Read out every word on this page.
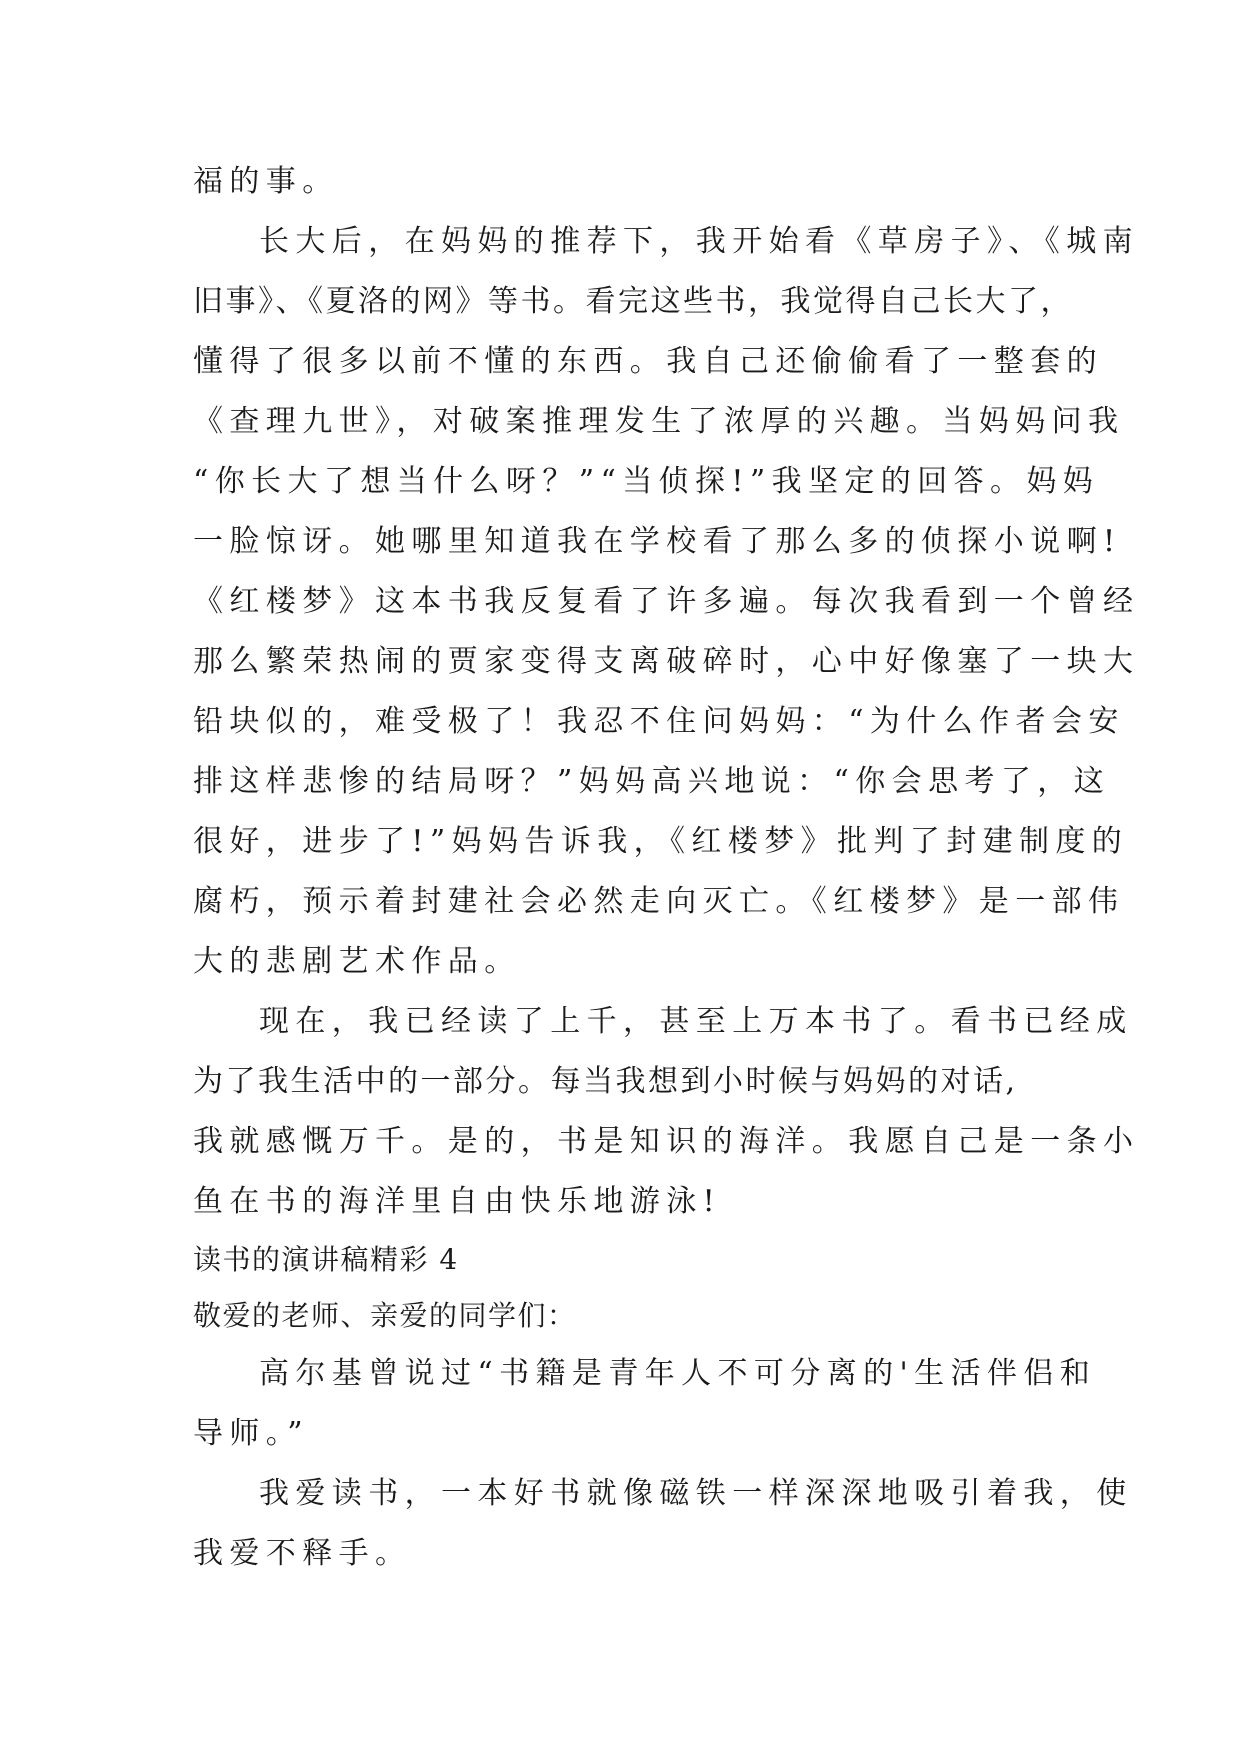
福的事。
长大后，在妈妈的推荐下，我开始看《草房子》、《城南
旧事》、《夏洛的网》等书。看完这些书，我觉得自己长大了，
懂得了很多以前不懂的东西。我自己还偷偷看了一整套的
《查理九世》，对破案推理发生了浓厚的兴趣。当妈妈问我
“你长大了想当什么呀？”“当侦探!”我坚定的回答。妈妈
一脸惊讶。她哪里知道我在学校看了那么多的侦探小说啊!
《红楼梦》这本书我反复看了许多遍。每次我看到一个曾经
那么繁荣热闹的贾家变得支离破碎时，心中好像塞了一块大
铅块似的，难受极了！我忍不住问妈妈：“为什么作者会安
排这样悲惨的结局呀？”妈妈高兴地说：“你会思考了，这
很好，进步了!”妈妈告诉我，《红楼梦》批判了封建制度的
腐朽，预示着封建社会必然走向灭亡。《红楼梦》是一部伟
大的悲剧艺术作品。
现在，我已经读了上千，甚至上万本书了。看书已经成
为了我生活中的一部分。每当我想到小时候与妈妈的对话,
我就感慨万千。是的，书是知识的海洋。我愿自己是一条小
鱼在书的海洋里自由快乐地游泳!
读书的演讲稿精彩 4
敬爱的老师、亲爱的同学们：
高尔基曾说过“书籍是青年人不可分离的'生活伴侣和
导师。”
我爱读书，一本好书就像磁铁一样深深地吸引着我，使
我爱不释手。
